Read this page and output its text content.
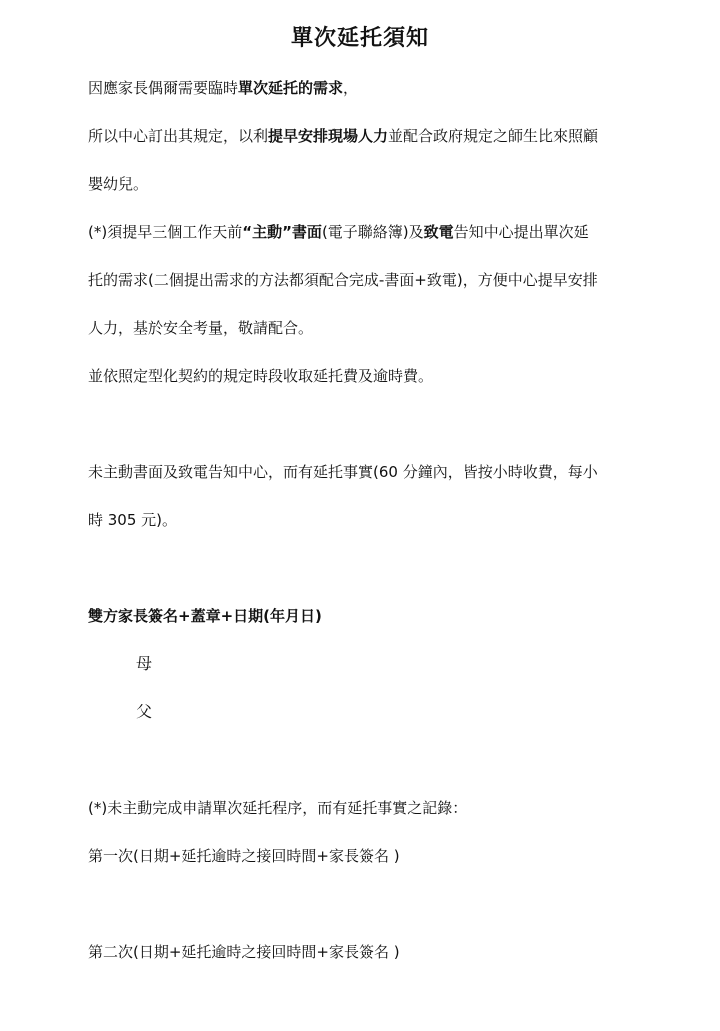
單次延托須知
因應家長偶爾需要臨時單次延托的需求，
所以中心訂出其規定，以利提早安排現場人力並配合政府規定之師生比來照顧
嬰幼兒。
(*)須提早三個工作天前“主動”書面(電子聯絡簿)及致電告知中心提出單次延
托的需求(二個提出需求的方法都須配合完成-書面+致電)，方便中心提早安排
人力，基於安全考量，敬請配合。
並依照定型化契約的規定時段收取延托費及逾時費。
未主動書面及致電告知中心，而有延托事實(60 分鐘內，皆按小時收費，每小
時 305 元)。
雙方家長簽名+蓋章+日期(年月日)
母
父
(*)未主動完成申請單次延托程序，而有延托事實之記錄：
第一次(日期+延托逾時之接回時間+家長簽名 )
第二次(日期+延托逾時之接回時間+家長簽名 )
